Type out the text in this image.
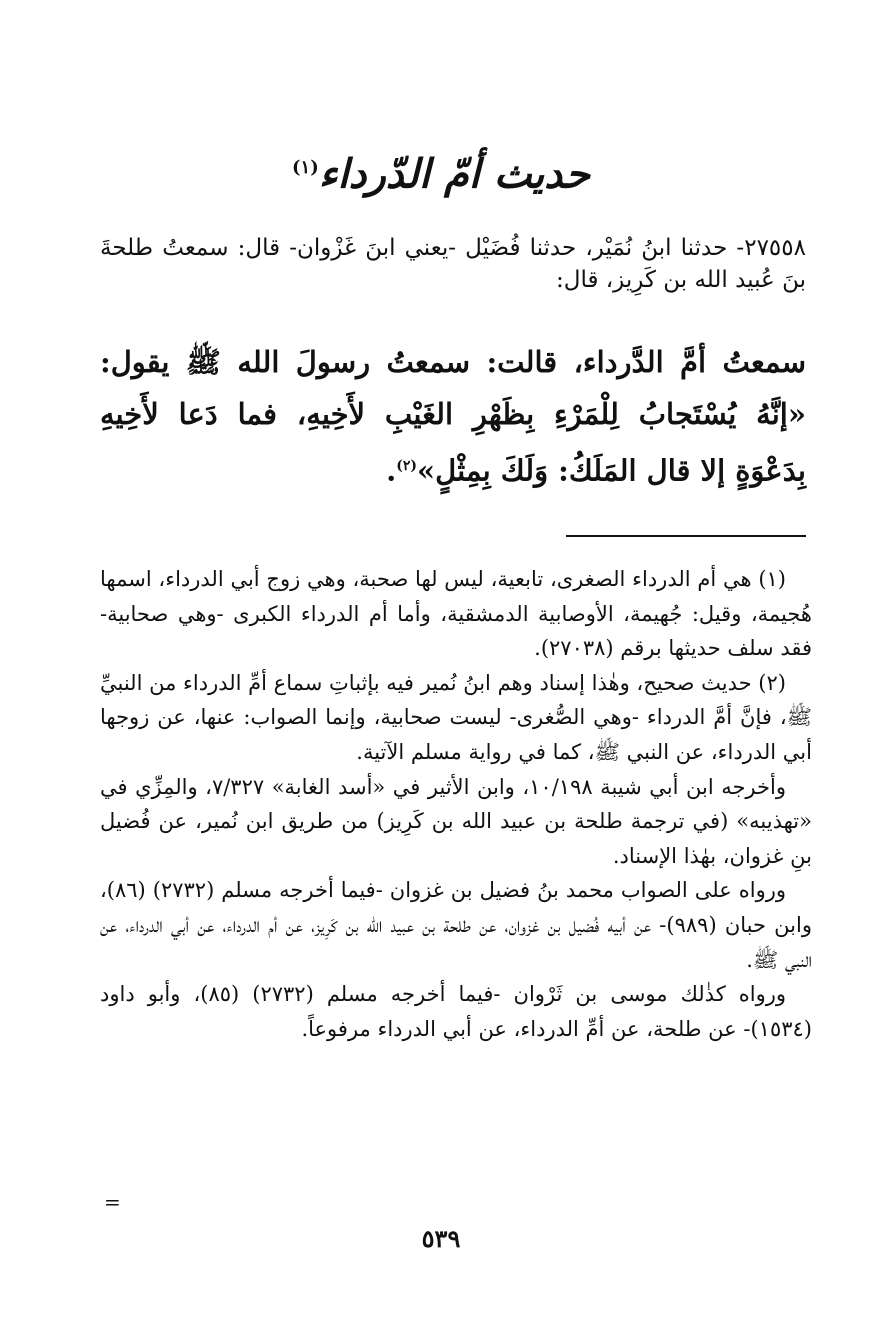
حديث أمّ الدّرداء$^{(١)}$
٢٧٥٥٨- حدثنا ابنُ نُمَيْر، حدثنا فُضَيْل -يعني ابنَ غَزْوان- قال: سمعتُ طلحةَ بنَ عُبيد الله بن كَرِيز، قال:
سمعتُ أمَّ الدَّرداء، قالت: سمعتُ رسولَ الله ﷺ يقول: «إنَّهُ يُسْتَجابُ لِلْمَرْءِ بِظَهْرِ الغَيْبِ لأَخِيهِ، فما دَعا لأَخِيهِ بِدَعْوَةٍ إلا قال المَلَكُ: وَلَكَ بِمِثْلٍ»$^{(٢)}$.

(١) هي أم الدرداء الصغرى، تابعية، ليس لها صحبة، وهي زوج أبي الدرداء، اسمها هُجيمة، وقيل: جُهيمة، الأوصابية الدمشقية، وأما أم الدرداء الكبرى -وهي صحابية- فقد سلف حديثها برقم (٢٧٠٣٨).

(٢) حديث صحيح، وهٰذا إسناد وهم ابنُ نُمير فيه بإثباتِ سماع أمِّ الدرداء من النبيِّ ﷺ، فإنَّ أمَّ الدرداء -وهي الصُّغرى- ليست صحابية، وإنما الصواب: عنها، عن زوجها أبي الدرداء، عن النبي ﷺ، كما في رواية مسلم الآتية.

وأخرجه ابن أبي شيبة ١٠/١٩٨، وابن الأثير في «أسد الغابة» ٧/٣٢٧، والمِزِّي في «تهذيبه» (في ترجمة طلحة بن عبيد الله بن كَرِيز) من طريق ابن نُمير، عن فُضيل بنِ غزوان، بهٰذا الإسناد.

ورواه على الصواب محمد بنُ فضيل بن غزوان -فيما أخرجه مسلم (٢٧٣٢) (٨٦)، وابن حبان (٩٨٩)- عن أبيه فُضيل بن غزوان، عن طلحة بن عبيد الله بن كَرِيز، عن أم الدرداء، عن أبي الدرداء، عن النبي ﷺ.

ورواه كذٰلك موسى بن ثَرْوان -فيما أخرجه مسلم (٢٧٣٢) (٨٥)، وأبو داود (١٥٣٤)- عن طلحة، عن أمِّ الدرداء، عن أبي الدرداء مرفوعاً.

=
٥٣٩
